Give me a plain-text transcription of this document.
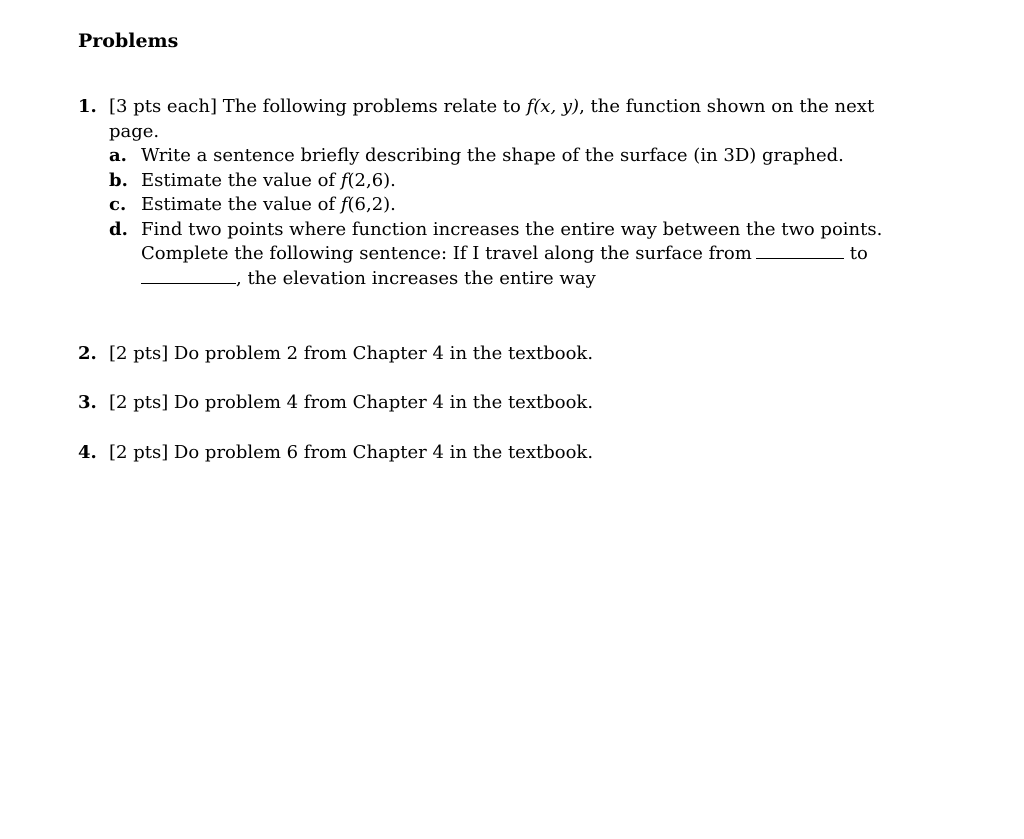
Problems
1. [3 pts each] The following problems relate to f(x, y), the function shown on the next page.
a. Write a sentence briefly describing the shape of the surface (in 3D) graphed.
b. Estimate the value of f(2,6).
c. Estimate the value of f(6,2).
d. Find two points where function increases the entire way between the two points.
Complete the following sentence: If I travel along the surface from	to
, the elevation increases the entire way
2. [2 pts] Do problem 2 from Chapter 4 in the textbook.
3. [2 pts] Do problem 4 from Chapter 4 in the textbook.
4. [2 pts] Do problem 6 from Chapter 4 in the textbook.
